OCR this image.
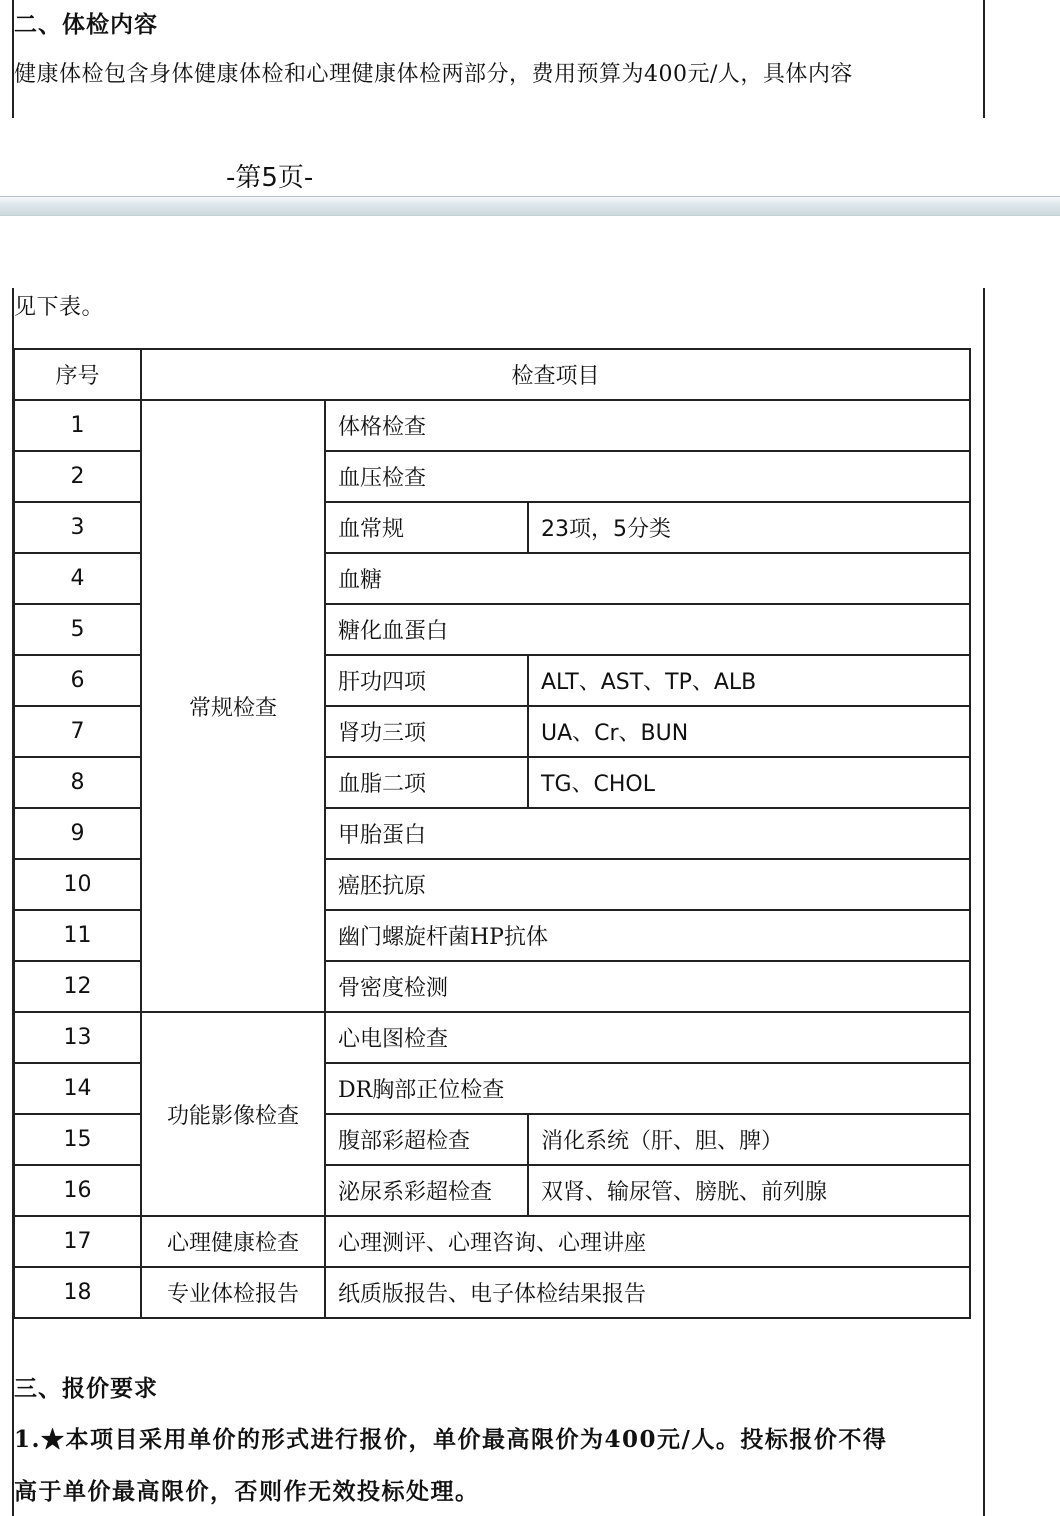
二、体检内容
健康体检包含身体健康体检和心理健康体检两部分，费用预算为400元/人，具体内容
-第5页-
见下表。
序号	检查项目		
1	常规检查	体格检查	
2		血压检查	
3		血常规	23项，5分类
4		血糖	
5		糖化血蛋白	
6		肝功四项	ALT、AST、TP、ALB
7		肾功三项	UA、Cr、BUN
8		血脂二项	TG、CHOL
9		甲胎蛋白	
10		癌胚抗原	
11		幽门螺旋杆菌HP抗体	
12		骨密度检测	
13	功能影像检查	心电图检查	
14		DR胸部正位检查	
15		腹部彩超检查	消化系统（肝、胆、脾）
16		泌尿系彩超检查	双肾、输尿管、膀胱、前列腺
17	心理健康检查	心理测评、心理咨询、心理讲座	
18	专业体检报告	纸质版报告、电子体检结果报告	
三、报价要求
1.★本项目采用单价的形式进行报价，单价最高限价为400元/人。投标报价不得
高于单价最高限价，否则作无效投标处理。
